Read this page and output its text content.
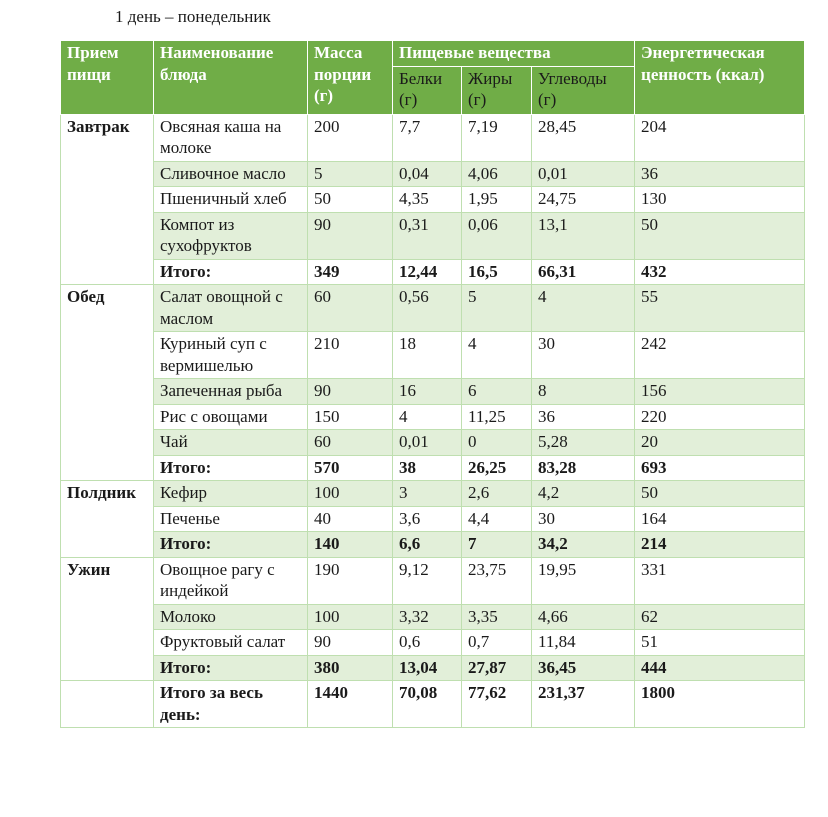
1 день – понедельник
Прием пищи	Наименование блюда	Масса порции (г)	Пищевые вещества			Энергетическая ценность (ккал)
			Белки (г)	Жиры (г)	Углеводы (г)	
Завтрак	Овсяная каша на молоке	200	7,7	7,19	28,45	204
	Сливочное масло	5	0,04	4,06	0,01	36
	Пшеничный хлеб	50	4,35	1,95	24,75	130
	Компот из сухофруктов	90	0,31	0,06	13,1	50
	Итого:	349	12,44	16,5	66,31	432
Обед	Салат овощной с маслом	60	0,56	5	4	55
	Куриный суп с вермишелью	210	18	4	30	242
	Запеченная рыба	90	16	6	8	156
	Рис с овощами	150	4	11,25	36	220
	Чай	60	0,01	0	5,28	20
	Итого:	570	38	26,25	83,28	693
Полдник	Кефир	100	3	2,6	4,2	50
	Печенье	40	3,6	4,4	30	164
	Итого:	140	6,6	7	34,2	214
Ужин	Овощное рагу с индейкой	190	9,12	23,75	19,95	331
	Молоко	100	3,32	3,35	4,66	62
	Фруктовый салат	90	0,6	0,7	11,84	51
	Итого:	380	13,04	27,87	36,45	444
	Итого за весь день:	1440	70,08	77,62	231,37	1800
